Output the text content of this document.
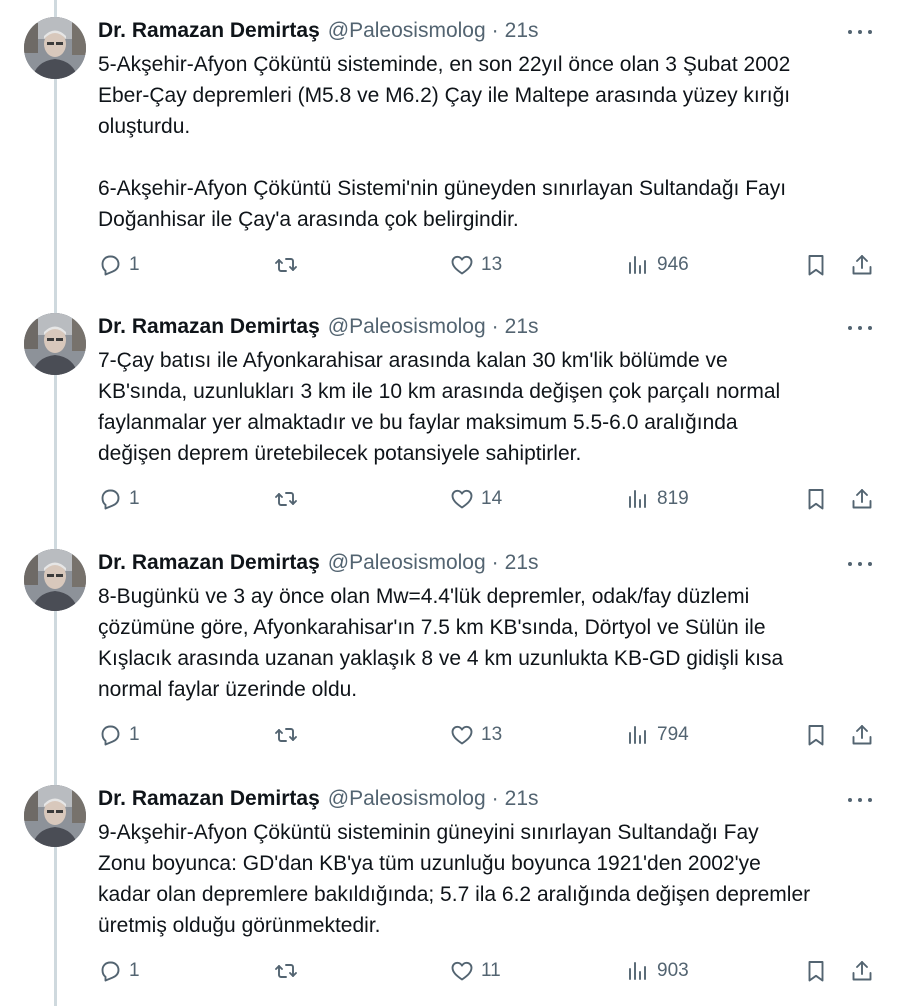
Dr. Ramazan Demirtaş @Paleosismolog · 21s

5-Akşehir-Afyon Çöküntü sisteminde, en son 22yıl önce olan 3 Şubat 2002
Eber-Çay depremleri (M5.8 ve M6.2) Çay ile Maltepe arasında yüzey kırığı
oluşturdu.

6-Akşehir-Afyon Çöküntü Sistemi'nin güneyden sınırlayan Sultandağı Fayı
Doğanhisar ile Çay'a arasında çok belirgindir.

1	13	946
Dr. Ramazan Demirtaş @Paleosismolog · 21s

7-Çay batısı ile Afyonkarahisar arasında kalan 30 km'lik bölümde ve
KB'sında, uzunlukları 3 km ile 10 km arasında değişen çok parçalı normal
faylanmalar yer almaktadır ve bu faylar maksimum 5.5-6.0 aralığında
değişen deprem üretebilecek potansiyele sahiptirler.

1	14	819
Dr. Ramazan Demirtaş @Paleosismolog · 21s

8-Bugünkü ve 3 ay önce olan Mw=4.4'lük depremler, odak/fay düzlemi
çözümüne göre, Afyonkarahisar'ın 7.5 km KB'sında, Dörtyol ve Sülün ile
Kışlacık arasında uzanan yaklaşık 8 ve 4 km uzunlukta KB-GD gidişli kısa
normal faylar üzerinde oldu.

1	13	794
Dr. Ramazan Demirtaş @Paleosismolog · 21s

9-Akşehir-Afyon Çöküntü sisteminin güneyini sınırlayan Sultandağı Fay
Zonu boyunca: GD'dan KB'ya tüm uzunluğu boyunca 1921'den 2002'ye
kadar olan depremlere bakıldığında; 5.7 ila 6.2 aralığında değişen depremler
üretmiş olduğu görünmektedir.

1	11	903
